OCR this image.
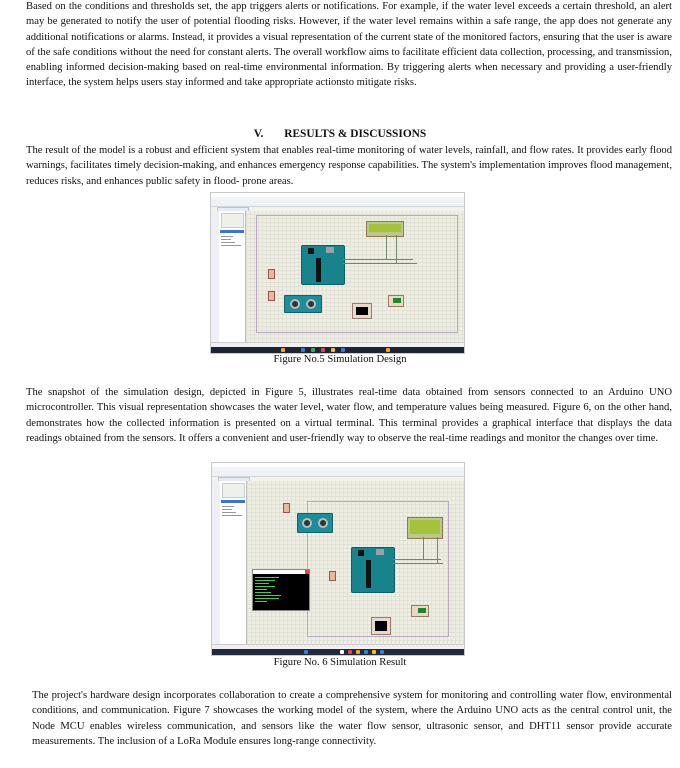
Based on the conditions and thresholds set, the app triggers alerts or notifications. For example, if the water level exceeds a certain threshold, an alert may be generated to notify the user of potential flooding risks. However, if the water level remains within a safe range, the app does not generate any additional notifications or alarms. Instead, it provides a visual representation of the current state of the monitored factors, ensuring that the user is aware of the safe conditions without the need for constant alerts. The overall workflow aims to facilitate efficient data collection, processing, and transmission, enabling informed decision-making based on real-time environmental information. By triggering alerts when necessary and providing a user-friendly interface, the system helps users stay informed and take appropriate actionsto mitigate risks.

V. RESULTS & DISCUSSIONS

The result of the model is a robust and efficient system that enables real-time monitoring of water levels, rainfall, and flow rates. It provides early flood warnings, facilitates timely decision-making, and enhances emergency response capabilities. The system's implementation improves flood management, reduces risks, and enhances public safety in flood- prone areas.

Figure No.5 Simulation Design

The snapshot of the simulation design, depicted in Figure 5, illustrates real-time data obtained from sensors connected to an Arduino UNO microcontroller. This visual representation showcases the water level, water flow, and temperature values being measured. Figure 6, on the other hand, demonstrates how the collected information is presented on a virtual terminal. This terminal provides a graphical interface that displays the data readings obtained from the sensors. It offers a convenient and user-friendly way to observe the real-time readings and monitor the changes over time.

Figure No. 6 Simulation Result

The project's hardware design incorporates collaboration to create a comprehensive system for monitoring and controlling water flow, environmental conditions, and communication. Figure 7 showcases the working model of the system, where the Arduino UNO acts as the central control unit, the Node MCU enables wireless communication, and sensors like the water flow sensor, ultrasonic sensor, and DHT11 sensor provide accurate measurements. The inclusion of a LoRa Module ensures long-range connectivity.
